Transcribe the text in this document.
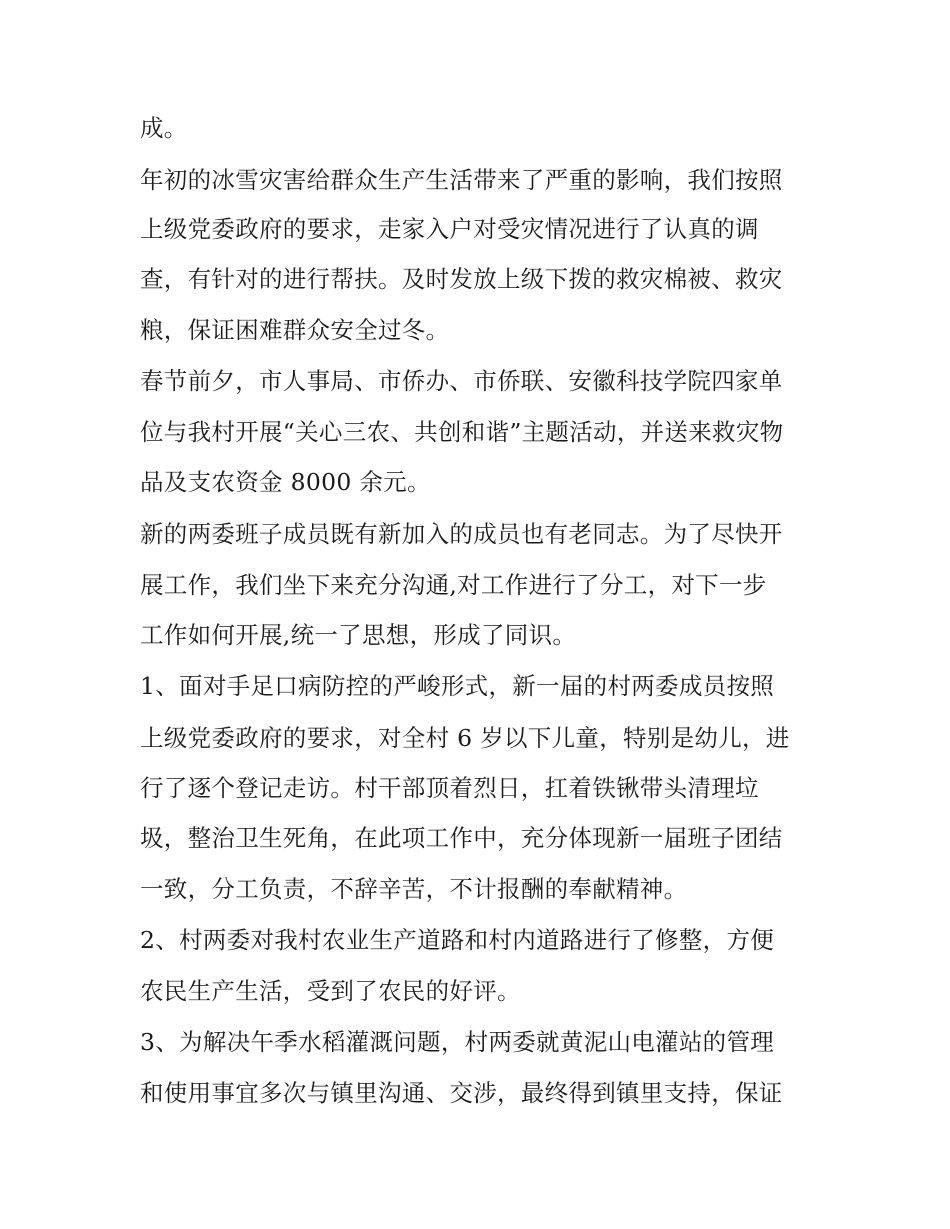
成。
年初的冰雪灾害给群众生产生活带来了严重的影响，我们按照
上级党委政府的要求，走家入户对受灾情况进行了认真的调
查，有针对的进行帮扶。及时发放上级下拨的救灾棉被、救灾
粮，保证困难群众安全过冬。
春节前夕，市人事局、市侨办、市侨联、安徽科技学院四家单
位与我村开展“关心三农、共创和谐”主题活动，并送来救灾物
品及支农资金 8000 余元。
新的两委班子成员既有新加入的成员也有老同志。为了尽快开
展工作，我们坐下来充分沟通,对工作进行了分工，对下一步
工作如何开展,统一了思想，形成了同识。
1、面对手足口病防控的严峻形式，新一届的村两委成员按照
上级党委政府的要求，对全村 6 岁以下儿童，特别是幼儿，进
行了逐个登记走访。村干部顶着烈日，扛着铁锹带头清理垃
圾，整治卫生死角，在此项工作中，充分体现新一届班子团结
一致，分工负责，不辞辛苦，不计报酬的奉献精神。
2、村两委对我村农业生产道路和村内道路进行了修整，方便
农民生产生活，受到了农民的好评。
3、为解决午季水稻灌溉问题，村两委就黄泥山电灌站的管理
和使用事宜多次与镇里沟通、交涉，最终得到镇里支持，保证
